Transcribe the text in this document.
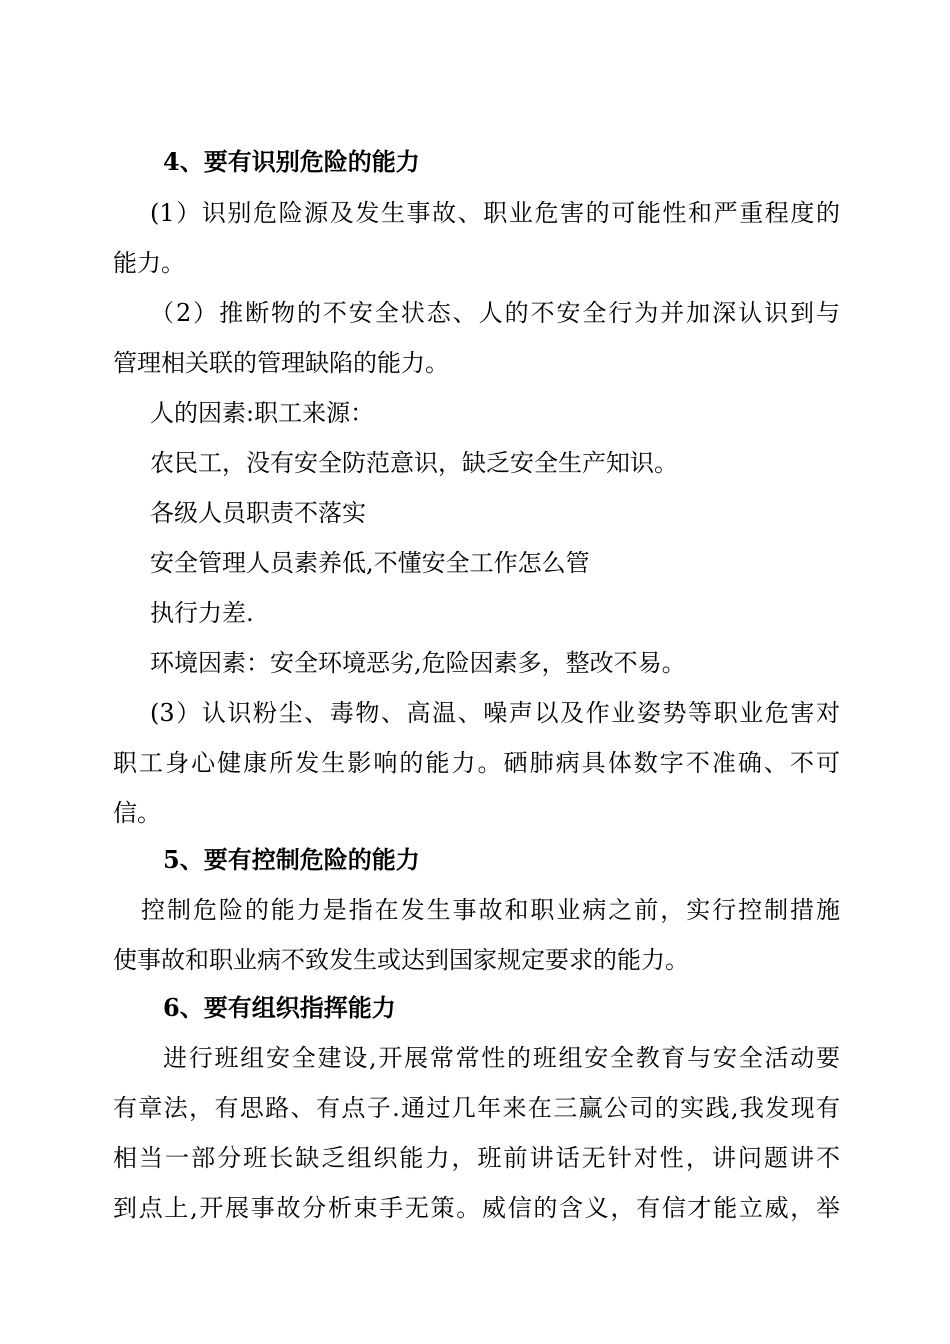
4、要有识别危险的能力
(1）识别危险源及发生事故、职业危害的可能性和严重程度的
能力。
（2）推断物的不安全状态、人的不安全行为并加深认识到与
管理相关联的管理缺陷的能力。
人的因素:职工来源：
农民工，没有安全防范意识，缺乏安全生产知识。
各级人员职责不落实
安全管理人员素养低,不懂安全工作怎么管
执行力差.
环境因素：安全环境恶劣,危险因素多，整改不易。
(3）认识粉尘、毒物、高温、噪声以及作业姿势等职业危害对
职工身心健康所发生影响的能力。硒肺病具体数字不准确、不可
信。
5、要有控制危险的能力
控制危险的能力是指在发生事故和职业病之前，实行控制措施
使事故和职业病不致发生或达到国家规定要求的能力。
6、要有组织指挥能力
进行班组安全建设,开展常常性的班组安全教育与安全活动要
有章法，有思路、有点子.通过几年来在三赢公司的实践,我发现有
相当一部分班长缺乏组织能力，班前讲话无针对性，讲问题讲不
到点上,开展事故分析束手无策。威信的含义，有信才能立威，举
